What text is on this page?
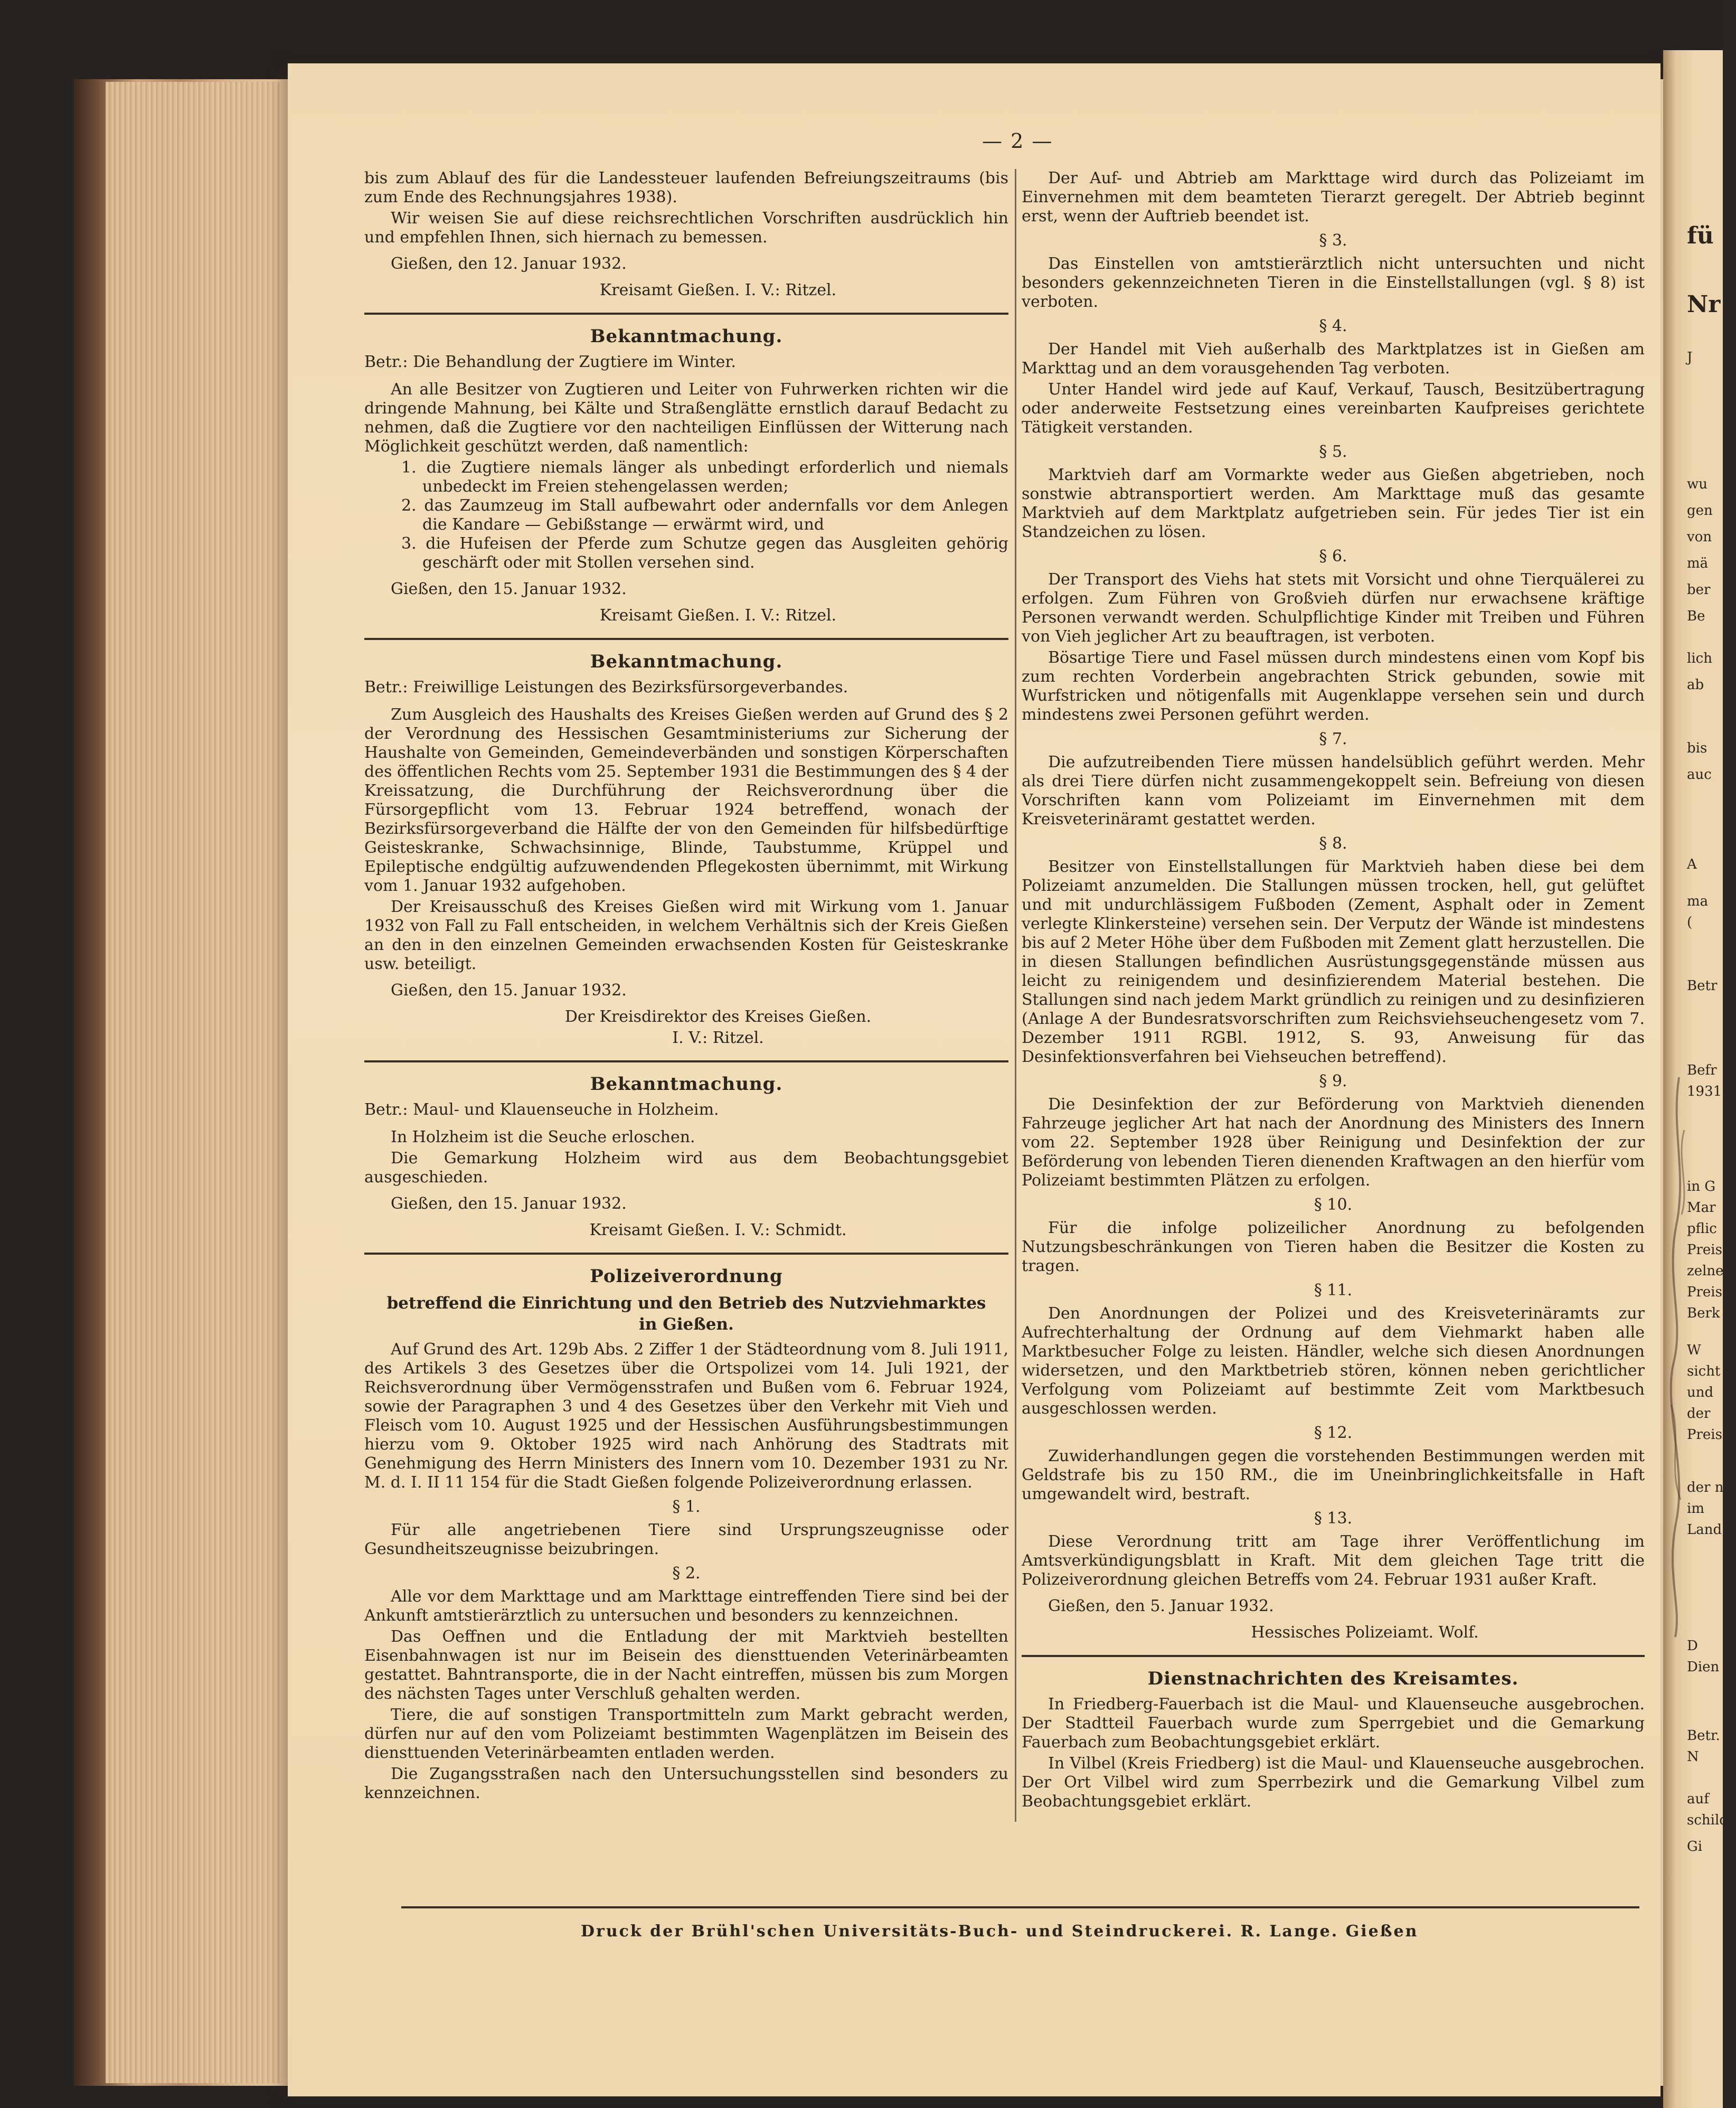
— 2 —

bis zum Ablauf des für die Landessteuer laufenden Befreiungszeitraums (bis zum Ende des Rechnungsjahres 1938).

Wir weisen Sie auf diese reichsrechtlichen Vorschriften ausdrücklich hin und empfehlen Ihnen, sich hiernach zu bemessen.

Gießen, den 12. Januar 1932.

Kreisamt Gießen. I. V.: Ritzel.

Bekanntmachung.

Betr.: Die Behandlung der Zugtiere im Winter.

An alle Besitzer von Zugtieren und Leiter von Fuhrwerken richten wir die dringende Mahnung, bei Kälte und Straßenglätte ernstlich darauf Bedacht zu nehmen, daß die Zugtiere vor den nachteiligen Einflüssen der Witterung nach Möglichkeit geschützt werden, daß namentlich:

1. die Zugtiere niemals länger als unbedingt erforderlich und niemals unbedeckt im Freien stehengelassen werden;

2. das Zaumzeug im Stall aufbewahrt oder andernfalls vor dem Anlegen die Kandare — Gebißstange — erwärmt wird, und

3. die Hufeisen der Pferde zum Schutze gegen das Ausgleiten gehörig geschärft oder mit Stollen versehen sind.

Gießen, den 15. Januar 1932.

Kreisamt Gießen. I. V.: Ritzel.

Bekanntmachung.

Betr.: Freiwillige Leistungen des Bezirksfürsorgeverbandes.

Zum Ausgleich des Haushalts des Kreises Gießen werden auf Grund des § 2 der Verordnung des Hessischen Gesamtministeriums zur Sicherung der Haushalte von Gemeinden, Gemeindeverbänden und sonstigen Körperschaften des öffentlichen Rechts vom 25. September 1931 die Bestimmungen des § 4 der Kreissatzung, die Durchführung der Reichsverordnung über die Fürsorgepflicht vom 13. Februar 1924 betreffend, wonach der Bezirksfürsorgeverband die Hälfte der von den Gemeinden für hilfsbedürftige Geisteskranke, Schwachsinnige, Blinde, Taubstumme, Krüppel und Epileptische endgültig aufzuwendenden Pflegekosten übernimmt, mit Wirkung vom 1. Januar 1932 aufgehoben.

Der Kreisausschuß des Kreises Gießen wird mit Wirkung vom 1. Januar 1932 von Fall zu Fall entscheiden, in welchem Verhältnis sich der Kreis Gießen an den in den einzelnen Gemeinden erwachsenden Kosten für Geisteskranke usw. beteiligt.

Gießen, den 15. Januar 1932.

Der Kreisdirektor des Kreises Gießen.

I. V.: Ritzel.

Bekanntmachung.

Betr.: Maul- und Klauenseuche in Holzheim.

In Holzheim ist die Seuche erloschen.

Die Gemarkung Holzheim wird aus dem Beobachtungsgebiet ausgeschieden.

Gießen, den 15. Januar 1932.

Kreisamt Gießen. I. V.: Schmidt.

Polizeiverordnung

betreffend die Einrichtung und den Betrieb des Nutzviehmarktes

in Gießen.

Auf Grund des Art. 129b Abs. 2 Ziffer 1 der Städteordnung vom 8. Juli 1911, des Artikels 3 des Gesetzes über die Ortspolizei vom 14. Juli 1921, der Reichsverordnung über Vermögensstrafen und Bußen vom 6. Februar 1924, sowie der Paragraphen 3 und 4 des Gesetzes über den Verkehr mit Vieh und Fleisch vom 10. August 1925 und der Hessischen Ausführungsbestimmungen hierzu vom 9. Oktober 1925 wird nach Anhörung des Stadtrats mit Genehmigung des Herrn Ministers des Innern vom 10. Dezember 1931 zu Nr. M. d. I. II 11 154 für die Stadt Gießen folgende Polizeiverordnung erlassen.

§ 1.

Für alle angetriebenen Tiere sind Ursprungszeugnisse oder Gesundheitszeugnisse beizubringen.

§ 2.

Alle vor dem Markttage und am Markttage eintreffenden Tiere sind bei der Ankunft amtstierärztlich zu untersuchen und besonders zu kennzeichnen.

Das Oeffnen und die Entladung der mit Marktvieh bestellten Eisenbahnwagen ist nur im Beisein des diensttuenden Veterinärbeamten gestattet. Bahntransporte, die in der Nacht eintreffen, müssen bis zum Morgen des nächsten Tages unter Verschluß gehalten werden.

Tiere, die auf sonstigen Transportmitteln zum Markt gebracht werden, dürfen nur auf den vom Polizeiamt bestimmten Wagenplätzen im Beisein des diensttuenden Veterinärbeamten entladen werden.

Die Zugangsstraßen nach den Untersuchungsstellen sind besonders zu kennzeichnen.

Der Auf- und Abtrieb am Markttage wird durch das Polizeiamt im Einvernehmen mit dem beamteten Tierarzt geregelt. Der Abtrieb beginnt erst, wenn der Auftrieb beendet ist.

§ 3.

Das Einstellen von amtstierärztlich nicht untersuchten und nicht besonders gekennzeichneten Tieren in die Einstellstallungen (vgl. § 8) ist verboten.

§ 4.

Der Handel mit Vieh außerhalb des Marktplatzes ist in Gießen am Markttag und an dem vorausgehenden Tag verboten.

Unter Handel wird jede auf Kauf, Verkauf, Tausch, Besitzübertragung oder anderweite Festsetzung eines vereinbarten Kaufpreises gerichtete Tätigkeit verstanden.

§ 5.

Marktvieh darf am Vormarkte weder aus Gießen abgetrieben, noch sonstwie abtransportiert werden. Am Markttage muß das gesamte Marktvieh auf dem Marktplatz aufgetrieben sein. Für jedes Tier ist ein Standzeichen zu lösen.

§ 6.

Der Transport des Viehs hat stets mit Vorsicht und ohne Tierquälerei zu erfolgen. Zum Führen von Großvieh dürfen nur erwachsene kräftige Personen verwandt werden. Schulpflichtige Kinder mit Treiben und Führen von Vieh jeglicher Art zu beauftragen, ist verboten.

Bösartige Tiere und Fasel müssen durch mindestens einen vom Kopf bis zum rechten Vorderbein angebrachten Strick gebunden, sowie mit Wurfstricken und nötigenfalls mit Augenklappe versehen sein und durch mindestens zwei Personen geführt werden.

§ 7.

Die aufzutreibenden Tiere müssen handelsüblich geführt werden. Mehr als drei Tiere dürfen nicht zusammengekoppelt sein. Befreiung von diesen Vorschriften kann vom Polizeiamt im Einvernehmen mit dem Kreisveterinäramt gestattet werden.

§ 8.

Besitzer von Einstellstallungen für Marktvieh haben diese bei dem Polizeiamt anzumelden. Die Stallungen müssen trocken, hell, gut gelüftet und mit undurchlässigem Fußboden (Zement, Asphalt oder in Zement verlegte Klinkersteine) versehen sein. Der Verputz der Wände ist mindestens bis auf 2 Meter Höhe über dem Fußboden mit Zement glatt herzustellen. Die in diesen Stallungen befindlichen Ausrüstungsgegenstände müssen aus leicht zu reinigendem und desinfizierendem Material bestehen. Die Stallungen sind nach jedem Markt gründlich zu reinigen und zu desinfizieren (Anlage A der Bundesratsvorschriften zum Reichsviehseuchengesetz vom 7. Dezember 1911 RGBl. 1912, S. 93, Anweisung für das Desinfektionsverfahren bei Viehseuchen betreffend).

§ 9.

Die Desinfektion der zur Beförderung von Marktvieh dienenden Fahrzeuge jeglicher Art hat nach der Anordnung des Ministers des Innern vom 22. September 1928 über Reinigung und Desinfektion der zur Beförderung von lebenden Tieren dienenden Kraftwagen an den hierfür vom Polizeiamt bestimmten Plätzen zu erfolgen.

§ 10.

Für die infolge polizeilicher Anordnung zu befolgenden Nutzungsbeschränkungen von Tieren haben die Besitzer die Kosten zu tragen.

§ 11.

Den Anordnungen der Polizei und des Kreisveterinäramts zur Aufrechterhaltung der Ordnung auf dem Viehmarkt haben alle Marktbesucher Folge zu leisten. Händler, welche sich diesen Anordnungen widersetzen, und den Marktbetrieb stören, können neben gerichtlicher Verfolgung vom Polizeiamt auf bestimmte Zeit vom Marktbesuch ausgeschlossen werden.

§ 12.

Zuwiderhandlungen gegen die vorstehenden Bestimmungen werden mit Geldstrafe bis zu 150 RM., die im Uneinbringlichkeitsfalle in Haft umgewandelt wird, bestraft.

§ 13.

Diese Verordnung tritt am Tage ihrer Veröffentlichung im Amtsverkündigungsblatt in Kraft. Mit dem gleichen Tage tritt die Polizeiverordnung gleichen Betreffs vom 24. Februar 1931 außer Kraft.

Gießen, den 5. Januar 1932.

Hessisches Polizeiamt. Wolf.

Dienstnachrichten des Kreisamtes.

In Friedberg-Fauerbach ist die Maul- und Klauenseuche ausgebrochen. Der Stadtteil Fauerbach wurde zum Sperrgebiet und die Gemarkung Fauerbach zum Beobachtungsgebiet erklärt.

In Vilbel (Kreis Friedberg) ist die Maul- und Klauenseuche ausgebrochen. Der Ort Vilbel wird zum Sperrbezirk und die Gemarkung Vilbel zum Beobachtungsgebiet erklärt.

Druck der Brühl'schen Universitäts-Buch- und Steindruckerei. R. Lange. Gießen
fü
Nr
J
wu
gen
von
mä
ber
Be
lich
ab
bis
auc
A
ma
(
Betr
Befr
1931
in G
Mar
pflic
Preis
zelne
Preis
Berk
W
sicht
und
der
Preis
der n
im
Land
D
Dien
Betr.
N
auf
schilde
Gi
